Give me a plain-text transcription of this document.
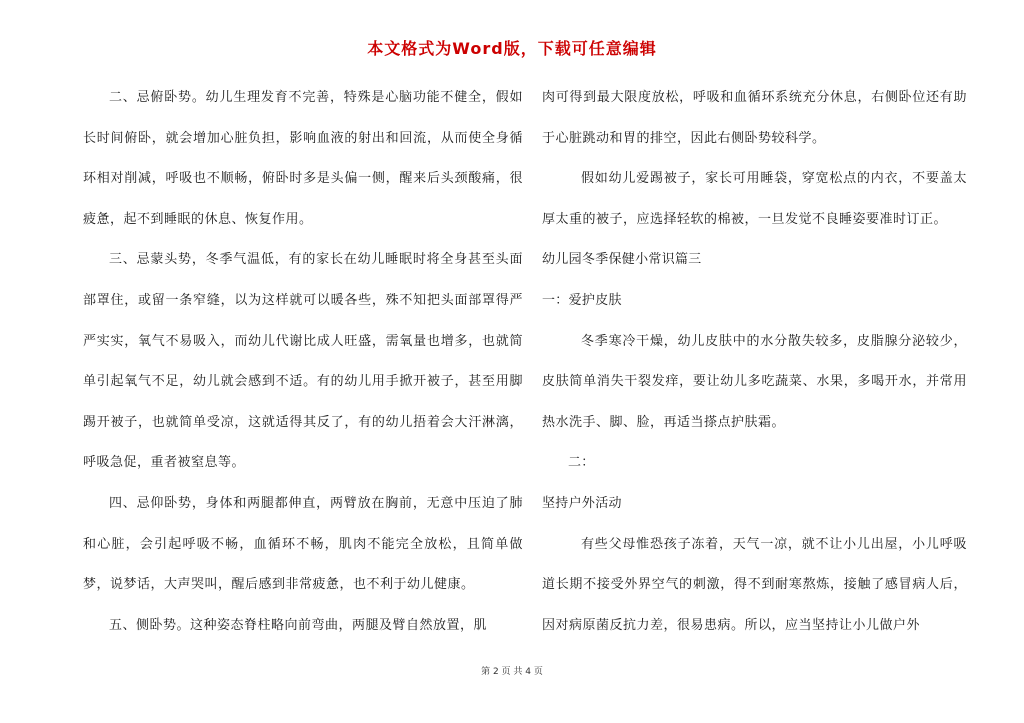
本文格式为Word版，下载可任意编辑

二、忌俯卧势。幼儿生理发育不完善，特殊是心脑功能不健全，假如长时间俯卧，就会增加心脏负担，影响血液的射出和回流，从而使全身循环相对削减，呼吸也不顺畅，俯卧时多是头偏一侧，醒来后头颈酸痛，很疲惫，起不到睡眠的休息、恢复作用。

三、忌蒙头势，冬季气温低，有的家长在幼儿睡眠时将全身甚至头面部罩住，或留一条窄缝，以为这样就可以暖各些，殊不知把头面部罩得严严实实，氧气不易吸入，而幼儿代谢比成人旺盛，需氧量也增多，也就简单引起氧气不足，幼儿就会感到不适。有的幼儿用手掀开被子，甚至用脚踢开被子，也就简单受凉，这就适得其反了，有的幼儿捂着会大汗淋漓，呼吸急促，重者被窒息等。

四、忌仰卧势，身体和两腿都伸直，两臂放在胸前，无意中压迫了肺和心脏，会引起呼吸不畅，血循环不畅，肌肉不能完全放松，且简单做梦，说梦话，大声哭叫，醒后感到非常疲惫，也不利于幼儿健康。

五、侧卧势。这种姿态脊柱略向前弯曲，两腿及臂自然放置，肌

肉可得到最大限度放松，呼吸和血循环系统充分休息，右侧卧位还有助于心脏跳动和胃的排空，因此右侧卧势较科学。

假如幼儿爱踢被子，家长可用睡袋，穿宽松点的内衣，不要盖太厚太重的被子，应选择轻软的棉被，一旦发觉不良睡姿要准时订正。

幼儿园冬季保健小常识篇三

一：爱护皮肤

冬季寒冷干燥，幼儿皮肤中的水分散失较多，皮脂腺分泌较少，皮肤简单消失干裂发痒，要让幼儿多吃蔬菜、水果，多喝开水，并常用热水洗手、脚、脸，再适当搽点护肤霜。

二：

坚持户外活动

有些父母惟恐孩子冻着，天气一凉，就不让小儿出屋，小儿呼吸道长期不接受外界空气的刺激，得不到耐寒熬炼，接触了感冒病人后，因对病原菌反抗力差，很易患病。所以，应当坚持让小儿做户外

第 2 页 共 4 页
